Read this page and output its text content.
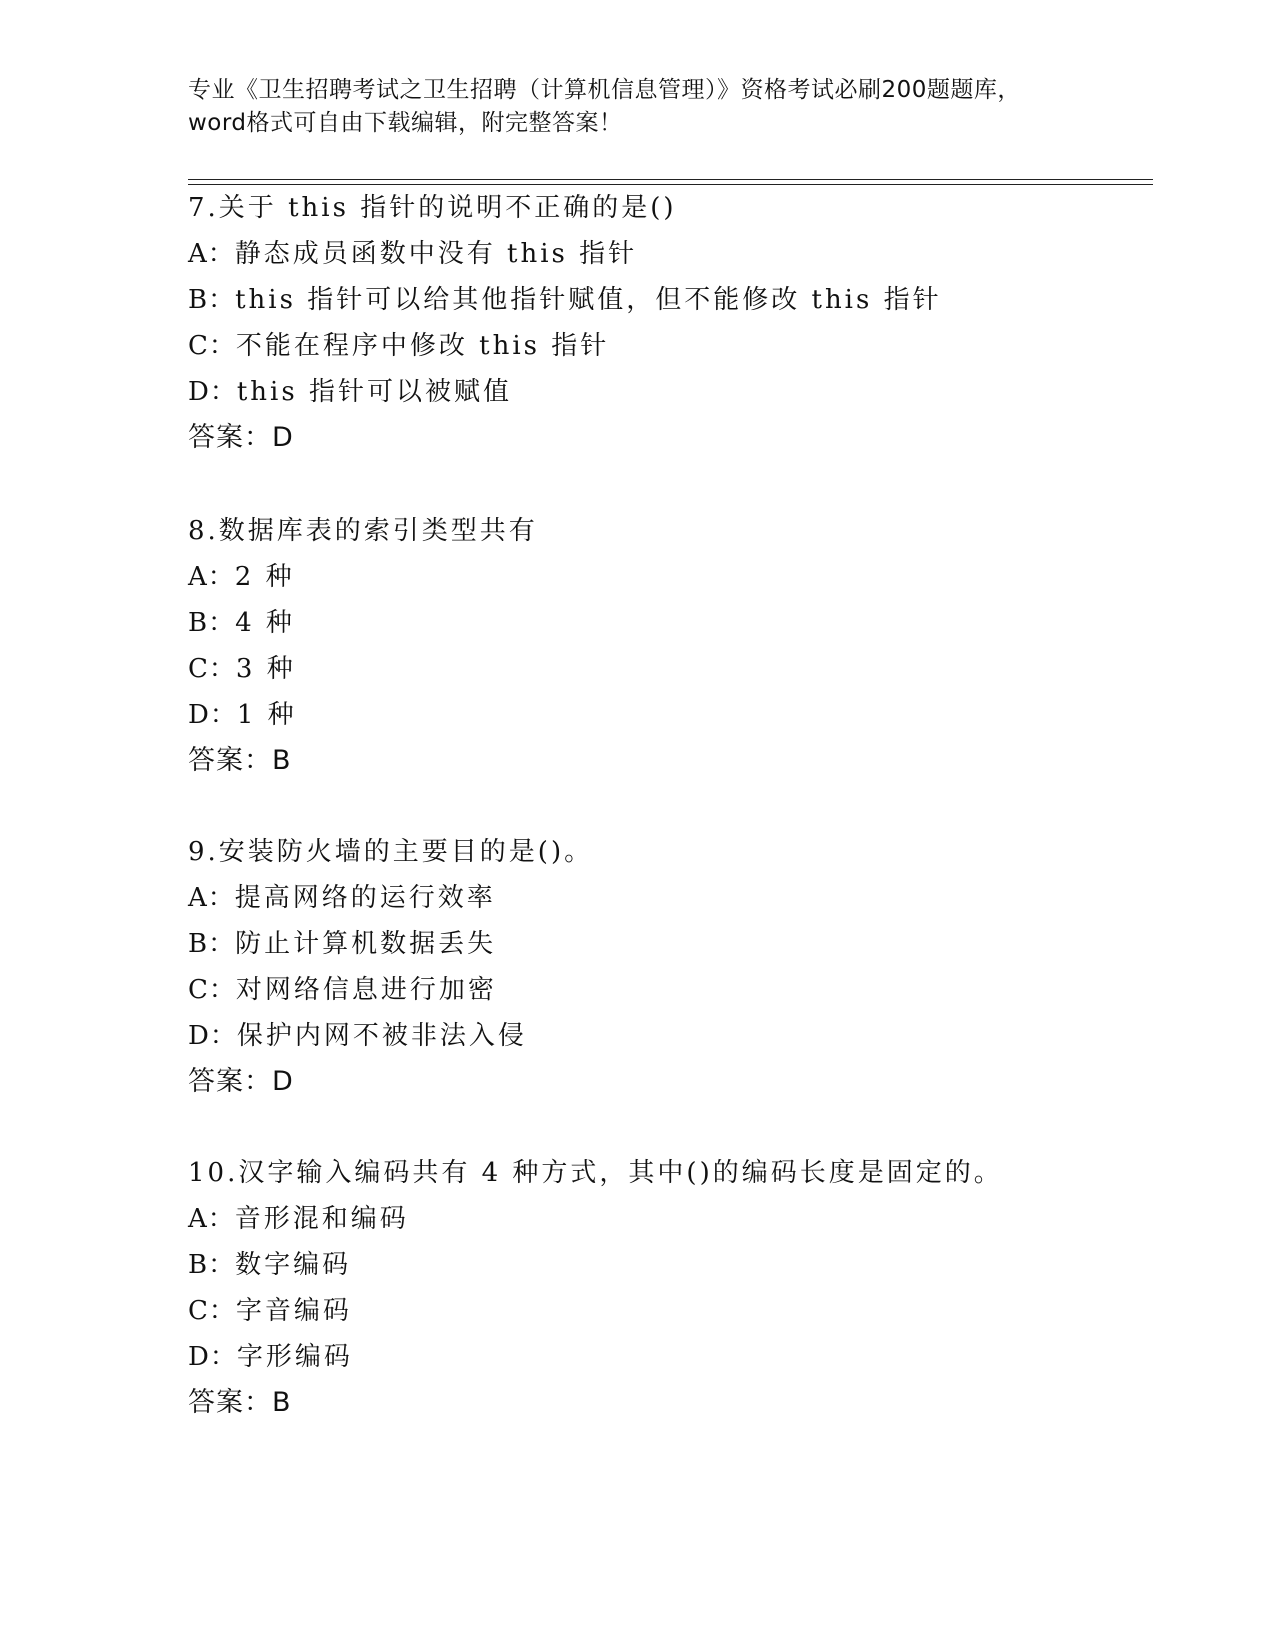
专业《卫生招聘考试之卫生招聘（计算机信息管理）》资格考试必刷200题题库，
word格式可自由下载编辑，附完整答案！
7.关于 this 指针的说明不正确的是()
A：静态成员函数中没有 this 指针
B：this 指针可以给其他指针赋值，但不能修改 this 指针
C：不能在程序中修改 this 指针
D：this 指针可以被赋值
答案：D
8.数据库表的索引类型共有
A：2 种
B：4 种
C：3 种
D：1 种
答案：B
9.安装防火墙的主要目的是()。
A：提高网络的运行效率
B：防止计算机数据丢失
C：对网络信息进行加密
D：保护内网不被非法入侵
答案：D
10.汉字输入编码共有 4 种方式，其中()的编码长度是固定的。
A：音形混和编码
B：数字编码
C：字音编码
D：字形编码
答案：B
